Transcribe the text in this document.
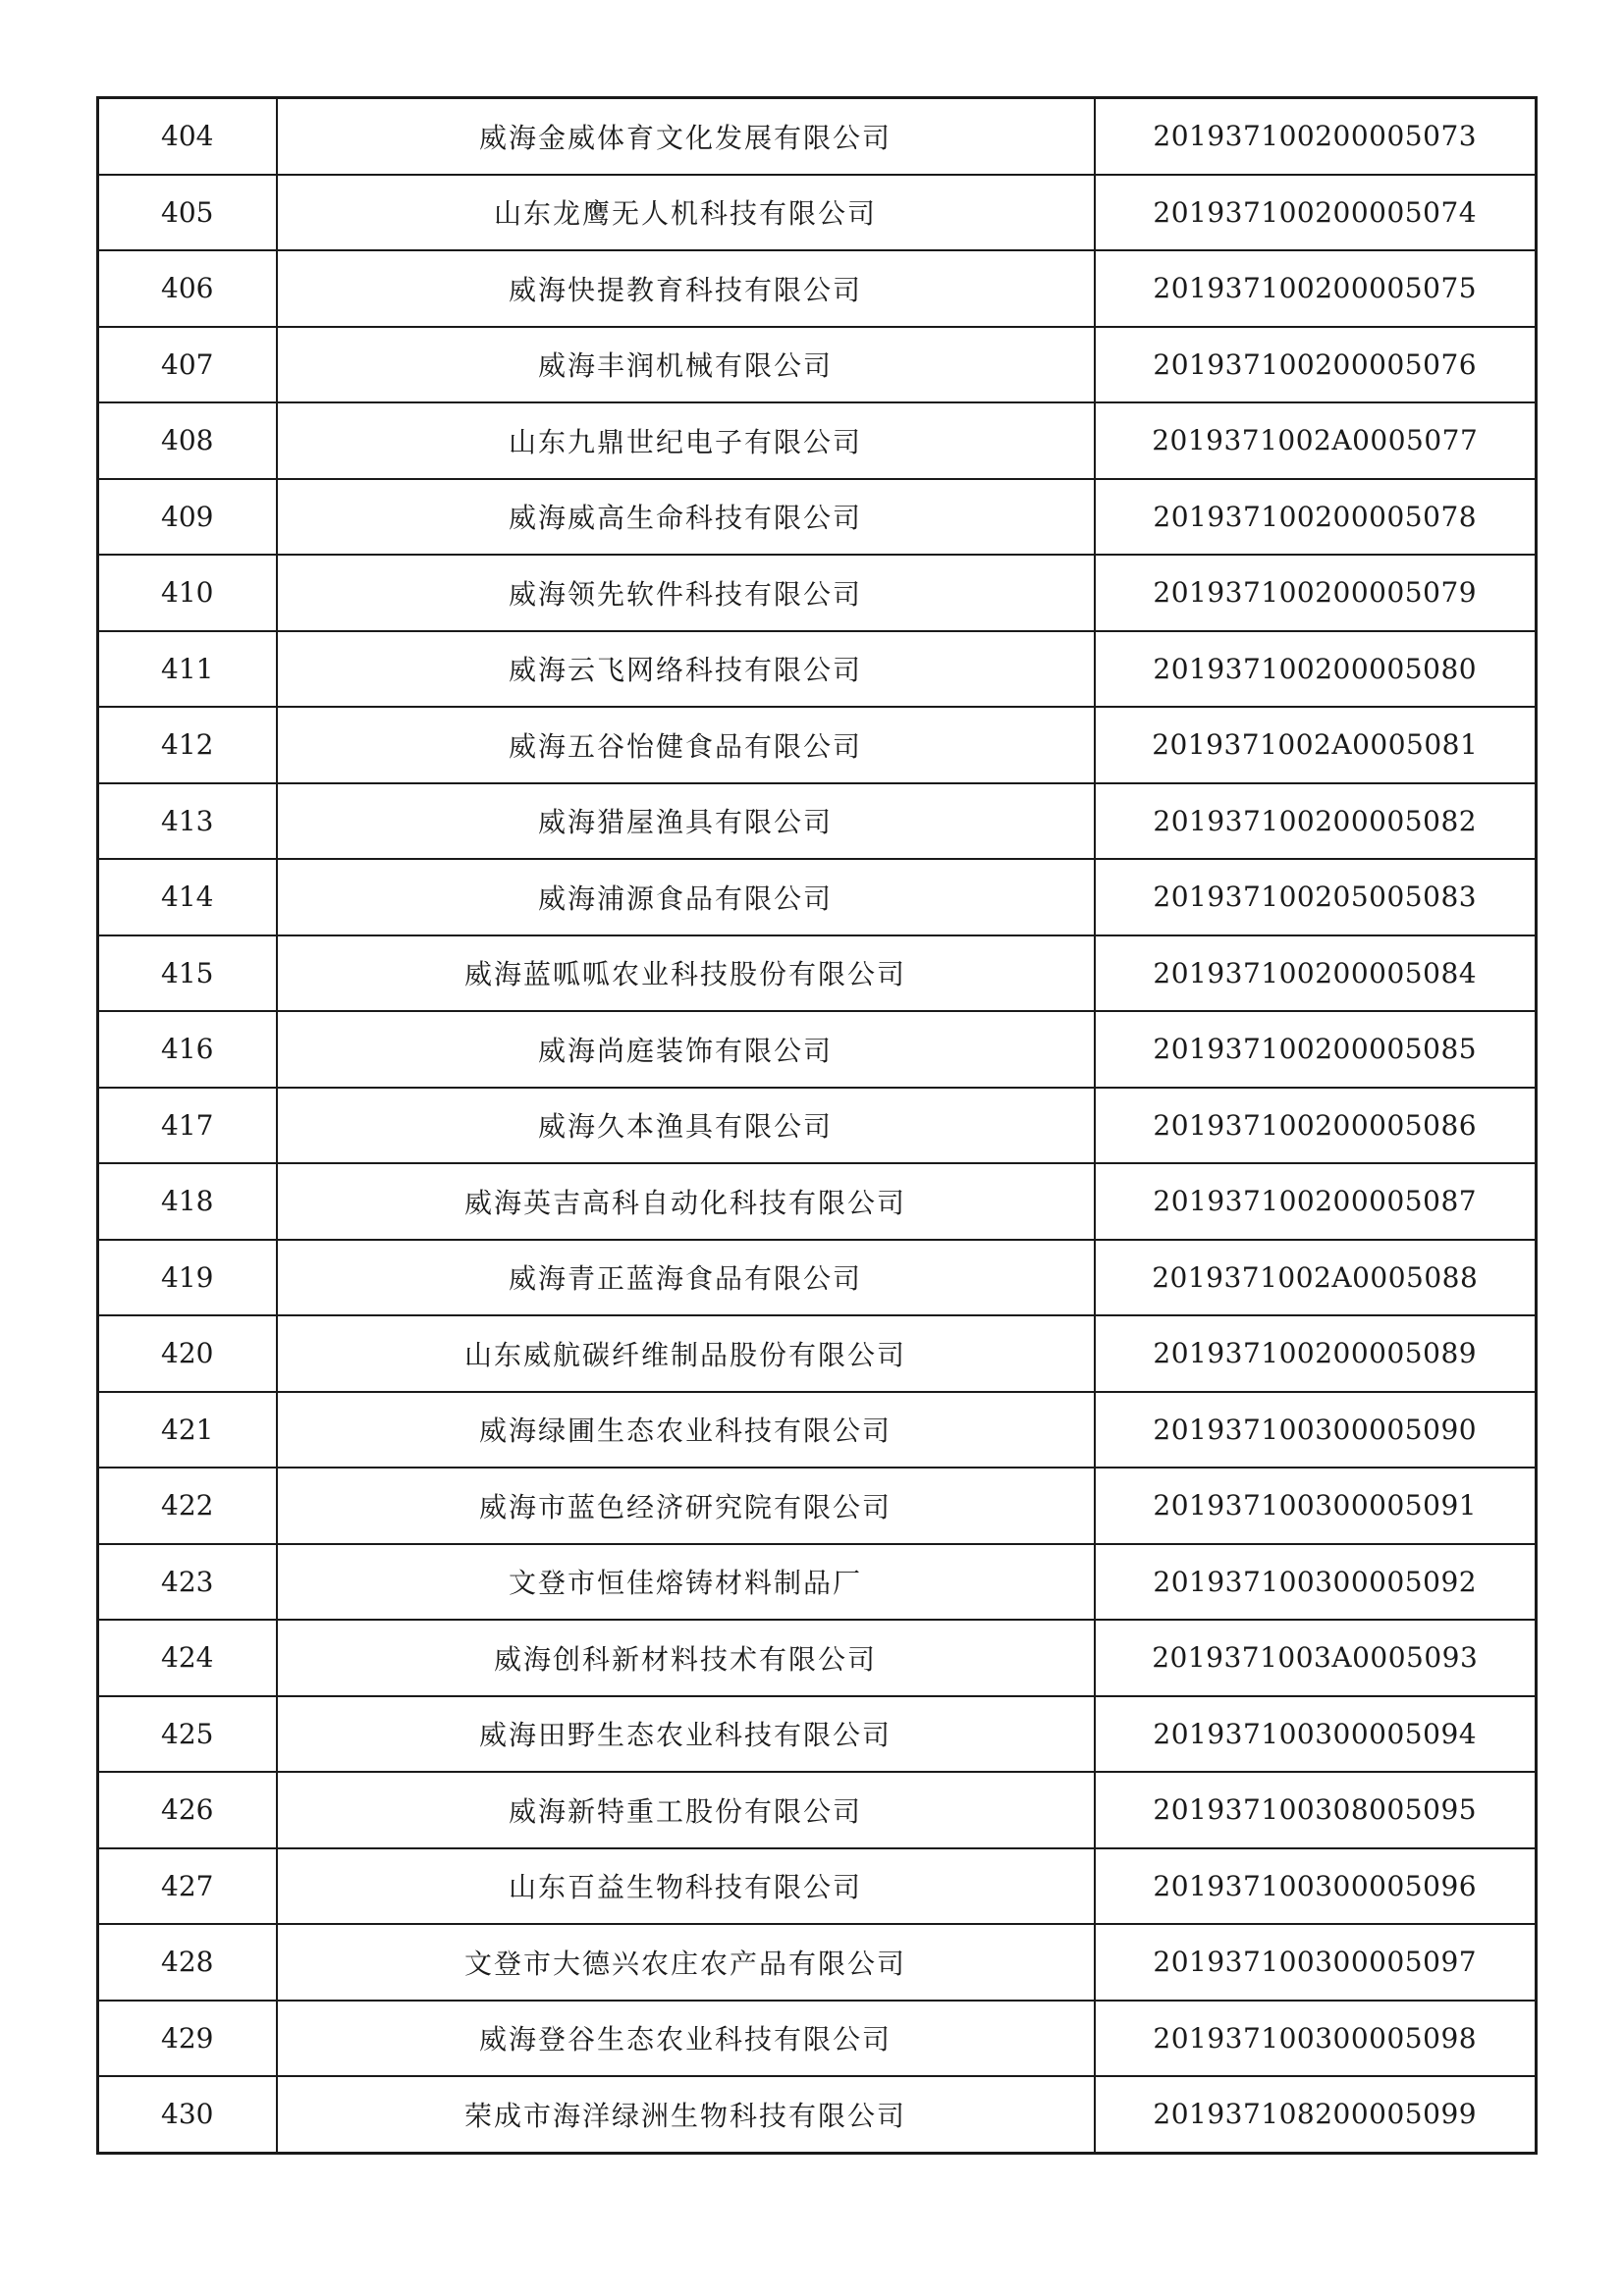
404	威海金威体育文化发展有限公司	201937100200005073
405	山东龙鹰无人机科技有限公司	201937100200005074
406	威海快提教育科技有限公司	201937100200005075
407	威海丰润机械有限公司	201937100200005076
408	山东九鼎世纪电子有限公司	2019371002A0005077
409	威海威高生命科技有限公司	201937100200005078
410	威海领先软件科技有限公司	201937100200005079
411	威海云飞网络科技有限公司	201937100200005080
412	威海五谷怡健食品有限公司	2019371002A0005081
413	威海猎屋渔具有限公司	201937100200005082
414	威海浦源食品有限公司	201937100205005083
415	威海蓝呱呱农业科技股份有限公司	201937100200005084
416	威海尚庭装饰有限公司	201937100200005085
417	威海久本渔具有限公司	201937100200005086
418	威海英吉高科自动化科技有限公司	201937100200005087
419	威海青正蓝海食品有限公司	2019371002A0005088
420	山东威航碳纤维制品股份有限公司	201937100200005089
421	威海绿圃生态农业科技有限公司	201937100300005090
422	威海市蓝色经济研究院有限公司	201937100300005091
423	文登市恒佳熔铸材料制品厂	201937100300005092
424	威海创科新材料技术有限公司	2019371003A0005093
425	威海田野生态农业科技有限公司	201937100300005094
426	威海新特重工股份有限公司	201937100308005095
427	山东百益生物科技有限公司	201937100300005096
428	文登市大德兴农庄农产品有限公司	201937100300005097
429	威海登谷生态农业科技有限公司	201937100300005098
430	荣成市海洋绿洲生物科技有限公司	201937108200005099
